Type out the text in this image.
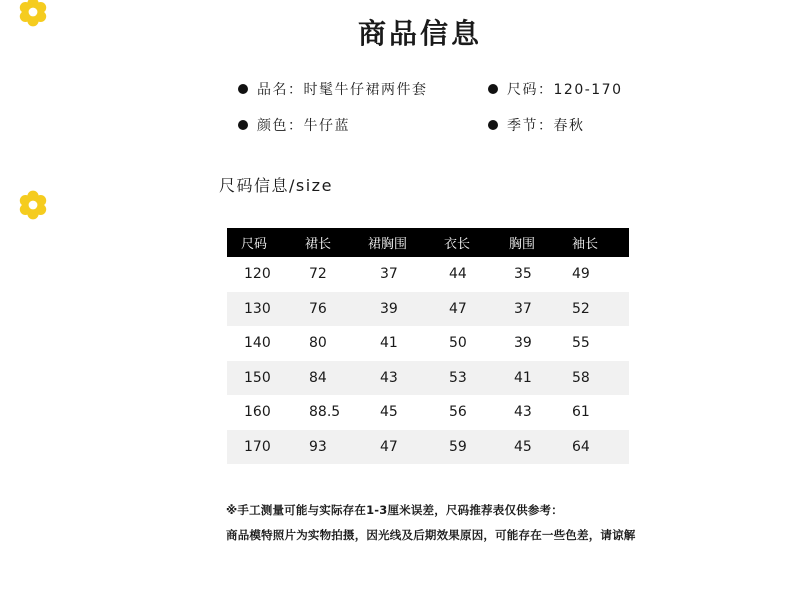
商品信息
品名：时髦牛仔裙两件套	尺码：120-170
颜色：牛仔蓝	季节：春秋
尺码信息/size
尺码	裙长	裙胸围	衣长	胸围	袖长
120	72	37	44	35	49
130	76	39	47	37	52
140	80	41	50	39	55
150	84	43	53	41	58
160	88.5	45	56	43	61
170	93	47	59	45	64
※手工测量可能与实际存在1-3厘米误差，尺码推荐表仅供参考：
商品模特照片为实物拍摄，因光线及后期效果原因，可能存在一些色差，请谅解
